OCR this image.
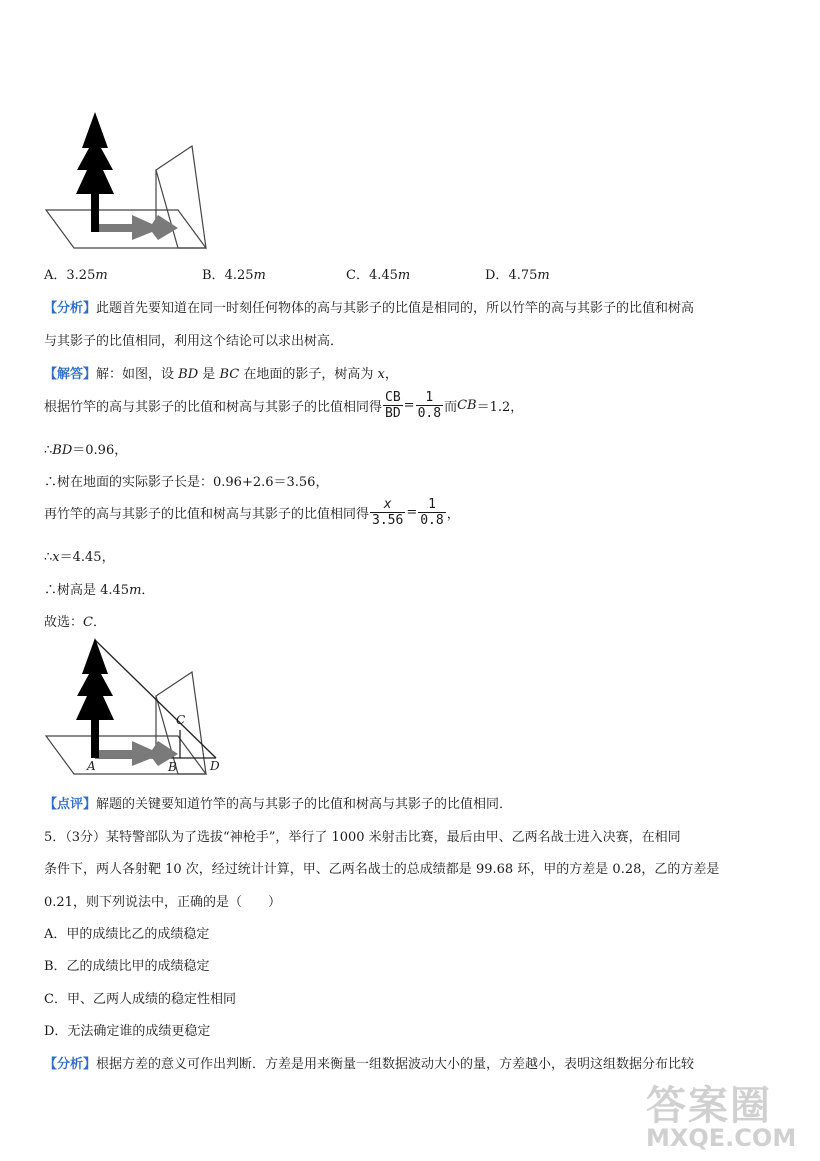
A．3.25m	B．4.25m	C．4.45m	D．4.75m
【分析】此题首先要知道在同一时刻任何物体的高与其影子的比值是相同的，所以竹竿的高与其影子的比值和树高
与其影子的比值相同，利用这个结论可以求出树高．
【解答】解：如图，设 BD 是 BC 在地面的影子，树高为 x，
根据竹竿的高与其影子的比值和树高与其影子的比值相同得 $\frac{CB}{BD} = \frac{1}{0.8}$ 而CB＝1.2，
∴BD＝0.96，
∴树在地面的实际影子长是：0.96+2.6＝3.56，
再竹竿的高与其影子的比值和树高与其影子的比值相同得 $\frac{x}{3.56} = \frac{1}{0.8}$ ，
∴x＝4.45，
∴树高是 4.45m．
故选：C．
A	B
C
D
【点评】解题的关键要知道竹竿的高与其影子的比值和树高与其影子的比值相同．
5．（3分）某特警部队为了选拔“神枪手”，举行了 1000 米射击比赛，最后由甲、乙两名战士进入决赛，在相同
条件下，两人各射靶 10 次，经过统计计算，甲、乙两名战士的总成绩都是 99.68 环，甲的方差是 0.28，乙的方差是
0.21，则下列说法中，正确的是（　　）
A．甲的成绩比乙的成绩稳定
B．乙的成绩比甲的成绩稳定
C．甲、乙两人成绩的稳定性相同
D．无法确定谁的成绩更稳定
【分析】根据方差的意义可作出判断．方差是用来衡量一组数据波动大小的量，方差越小，表明这组数据分布比较
答案圈
MXQE.COM
